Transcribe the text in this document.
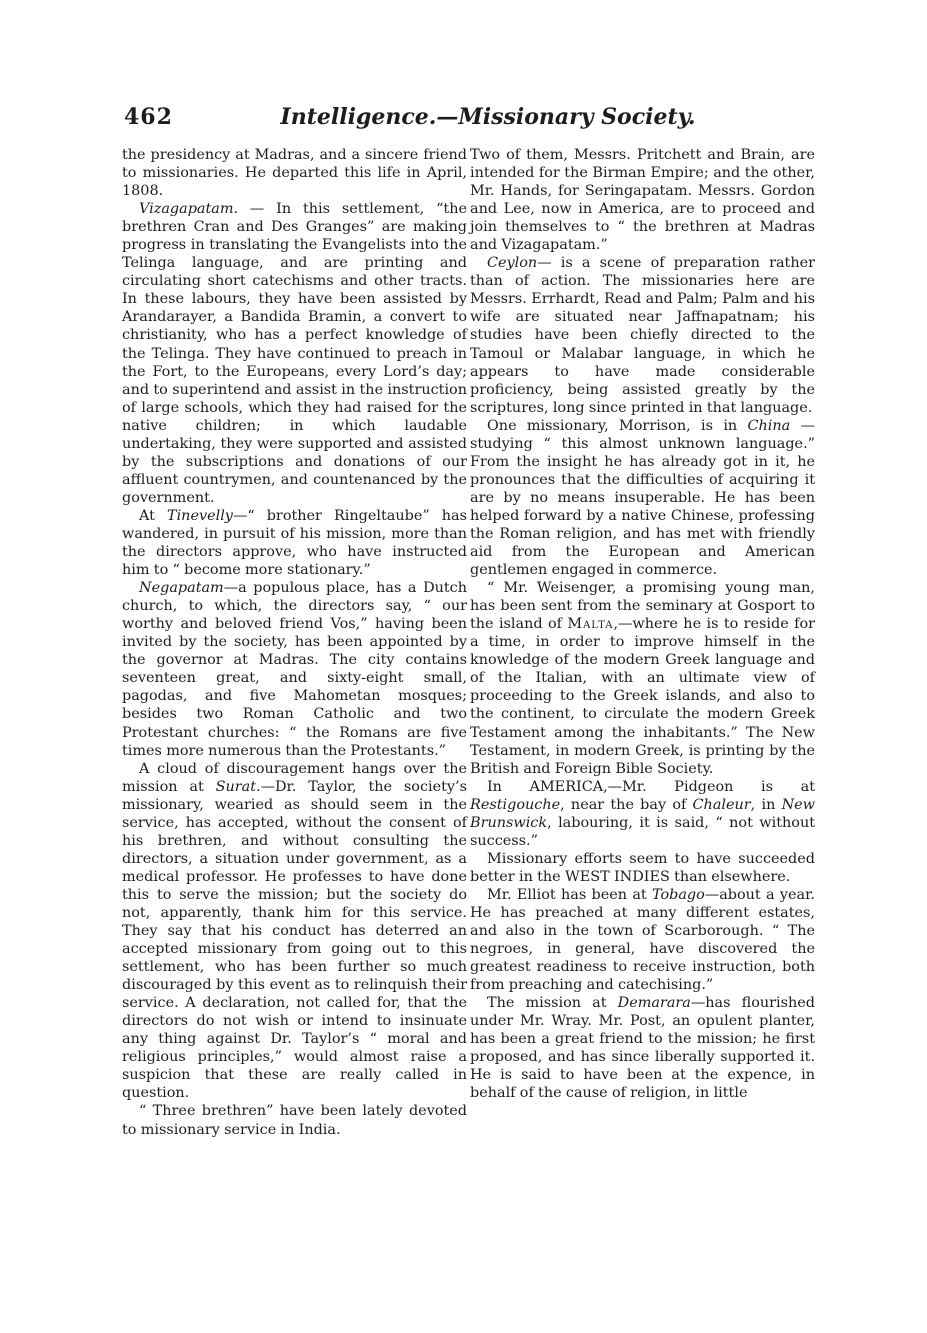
462	Intelligence.—Missionary Society.

the presidency at Madras, and a sincere friend to missionaries. He departed this life in April, 1808.

Vizagapatam. — In this settlement, “the brethren Cran and Des Granges” are making progress in translating the Evangelists into the Telinga language, and are printing and circulating short catechisms and other tracts. In these labours, they have been assisted by Arandarayer, a Bandida Bramin, a convert to christianity, who has a perfect knowledge of the Telinga. They have continued to preach in the Fort, to the Europeans, every Lord’s day; and to superintend and assist in the instruction of large schools, which they had raised for the native children; in which laudable undertaking, they were supported and assisted by the subscriptions and donations of our affluent countrymen, and countenanced by the government.

At Tinevelly—“ brother Ringeltaube” has wandered, in pursuit of his mission, more than the directors approve, who have instructed him to “ become more stationary.”

Negapatam—a populous place, has a Dutch church, to which, the directors say, “ our worthy and beloved friend Vos,” having been invited by the society, has been appointed by the governor at Madras. The city contains seventeen great, and sixty-eight small, pagodas, and five Mahometan mosques; besides two Roman Catholic and two Protestant churches: “ the Romans are five times more numerous than the Protestants.”

A cloud of discouragement hangs over the mission at Surat.—Dr. Taylor, the society’s missionary, wearied as should seem in the service, has accepted, without the consent of his brethren, and without consulting the directors, a situation under government, as a medical professor. He professes to have done this to serve the mission; but the society do not, apparently, thank him for this service. They say that his conduct has deterred an accepted missionary from going out to this settlement, who has been further so much discouraged by this event as to relinquish their service. A declaration, not called for, that the directors do not wish or intend to insinuate any thing against Dr. Taylor’s “ moral and religious principles,” would almost raise a suspicion that these are really called in question.

“ Three brethren” have been lately devoted to missionary service in India.

Two of them, Messrs. Pritchett and Brain, are intended for the Birman Empire; and the other, Mr. Hands, for Seringapatam. Messrs. Gordon and Lee, now in America, are to proceed and join themselves to “ the brethren at Madras and Vizagapatam.”

Ceylon— is a scene of preparation rather than of action. The missionaries here are Messrs. Errhardt, Read and Palm; Palm and his wife are situated near Jaffnapatnam; his studies have been chiefly directed to the Tamoul or Malabar language, in which he appears to have made considerable proficiency, being assisted greatly by the scriptures, long since printed in that language.

One missionary, Morrison, is in China —studying “ this almost unknown language.” From the insight he has already got in it, he pronounces that the difficulties of acquiring it are by no means insuperable. He has been helped forward by a native Chinese, professing the Roman religion, and has met with friendly aid from the European and American gentlemen engaged in commerce.

“ Mr. Weisenger, a promising young man, has been sent from the seminary at Gosport to the island of Malta,—where he is to reside for a time, in order to improve himself in the knowledge of the modern Greek language and of the Italian, with an ultimate view of proceeding to the Greek islands, and also to the continent, to circulate the modern Greek Testament among the inhabitants.” The New Testament, in modern Greek, is printing by the British and Foreign Bible Society.

In AMERICA,—Mr. Pidgeon is at Restigouche, near the bay of Chaleur, in New Brunswick, labouring, it is said, “ not without success.”

Missionary efforts seem to have succeeded better in the WEST INDIES than elsewhere.

Mr. Elliot has been at Tobago—about a year. He has preached at many different estates, and also in the town of Scarborough. “ The negroes, in general, have discovered the greatest readiness to receive instruction, both from preaching and catechising.”

The mission at Demarara—has flourished under Mr. Wray. Mr. Post, an opulent planter, has been a great friend to the mission; he first proposed, and has since liberally supported it. He is said to have been at the expence, in behalf of the cause of religion, in little
